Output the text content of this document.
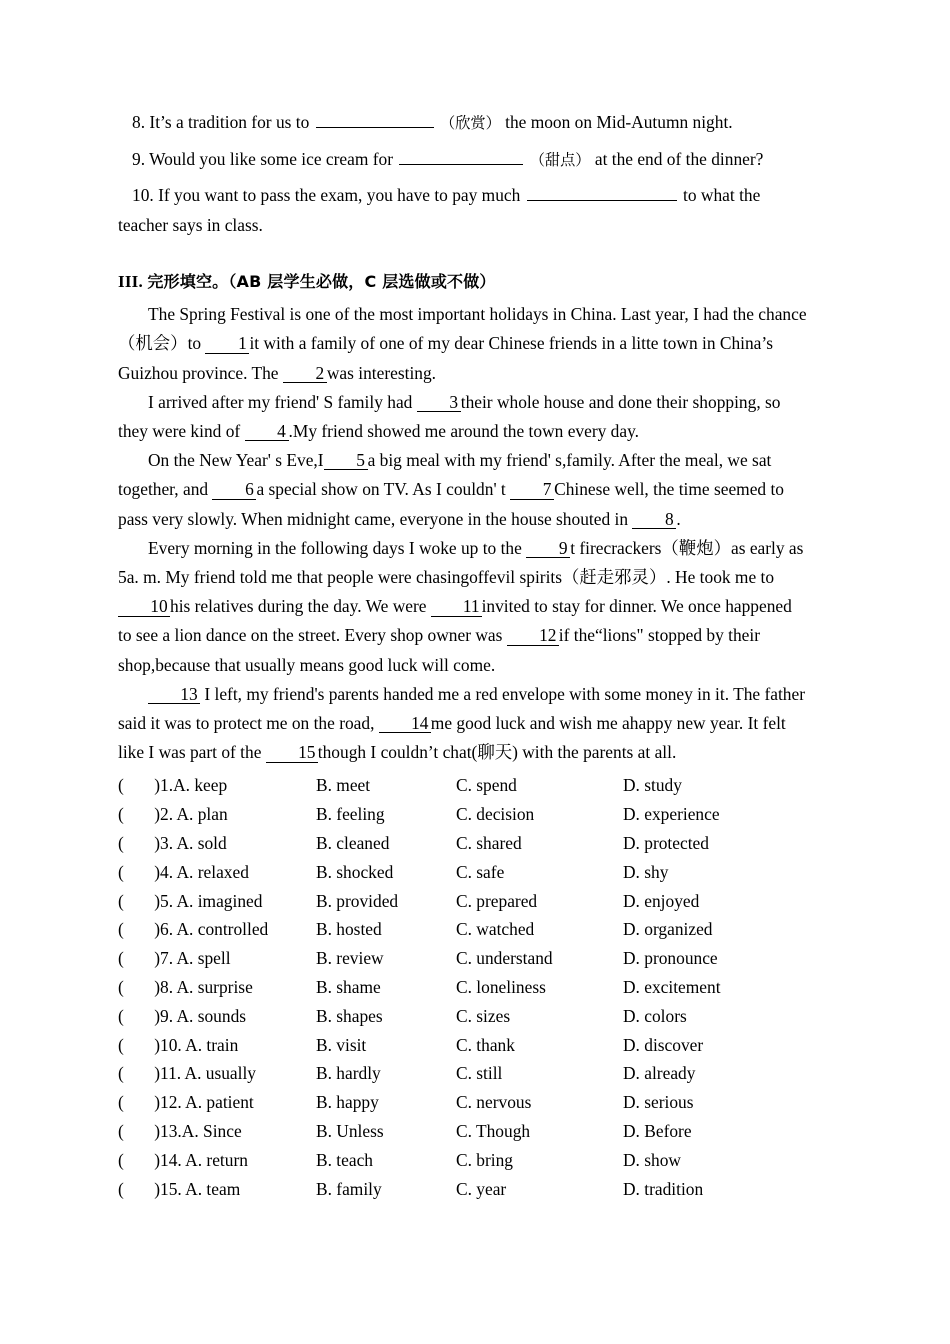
8. It’s a tradition for us to	（欣赏） the moon on Mid-Autumn night.

9. Would you like some ice cream for	（甜点） at the end of the dinner?

10. If you want to pass the exam, you have to pay much	to what the teacher says in class.

III. 完形填空。（AB 层学生必做，C 层选做或不做）

The Spring Festival is one of the most important holidays in China. Last year, I had the chance（机会）to 1 it with a family of one of my dear Chinese friends in a litte town in China’s Guizhou province. The 2 was interesting.

I arrived after my friend' S family had 3 their whole house and done their shopping, so they were kind of 4 .My friend showed me around the town every day.

On the New Year' s Eve,I 5 a big meal with my friend' s,family. After the meal, we sat together, and 6 a special show on TV. As I couldn' t 7 Chinese well, the time seemed to pass very slowly. When midnight came, everyone in the house shouted in 8 .

Every morning in the following days I woke up to the 9 t firecrackers（鞭炮）as early as 5a. m. My friend told me that people were chasingoffevil spirits（赶走邪灵）. He took me to 10 his relatives during the day. We were 11 invited to stay for dinner. We once happened to see a lion dance on the street. Every shop owner was 12 if the“lions" stopped by their shop,because that usually means good luck will come.

13 I left, my friend's parents handed me a red envelope with some money in it. The father said it was to protect me on the road, 14 me good luck and wish me ahappy new year. It felt like I was part of the 15 though I couldn’t chat(聊天) with the parents at all.

(       )1.A. keep	B. meet	C. spend	D. study
(       )2. A. plan	B. feeling	C. decision	D. experience
(       )3. A. sold	B. cleaned	C. shared	D. protected
(       )4. A. relaxed	B. shocked	C. safe	D. shy
(       )5. A. imagined	B. provided	C. prepared	D. enjoyed
(       )6. A. controlled	B. hosted	C. watched	D. organized
(       )7. A. spell	B. review	C. understand	D. pronounce
(       )8. A. surprise	B. shame	C. loneliness	D. excitement
(       )9. A. sounds	B. shapes	C. sizes	D. colors
(       )10. A. train	B. visit	C. thank	D. discover
(       )11. A. usually	B. hardly	C. still	D. already
(       )12. A. patient	B. happy	C. nervous	D. serious
(       )13.A. Since	B. Unless	C. Though	D. Before
(       )14. A. return	B. teach	C. bring	D. show
(       )15. A. team	B. family	C. year	D. tradition
